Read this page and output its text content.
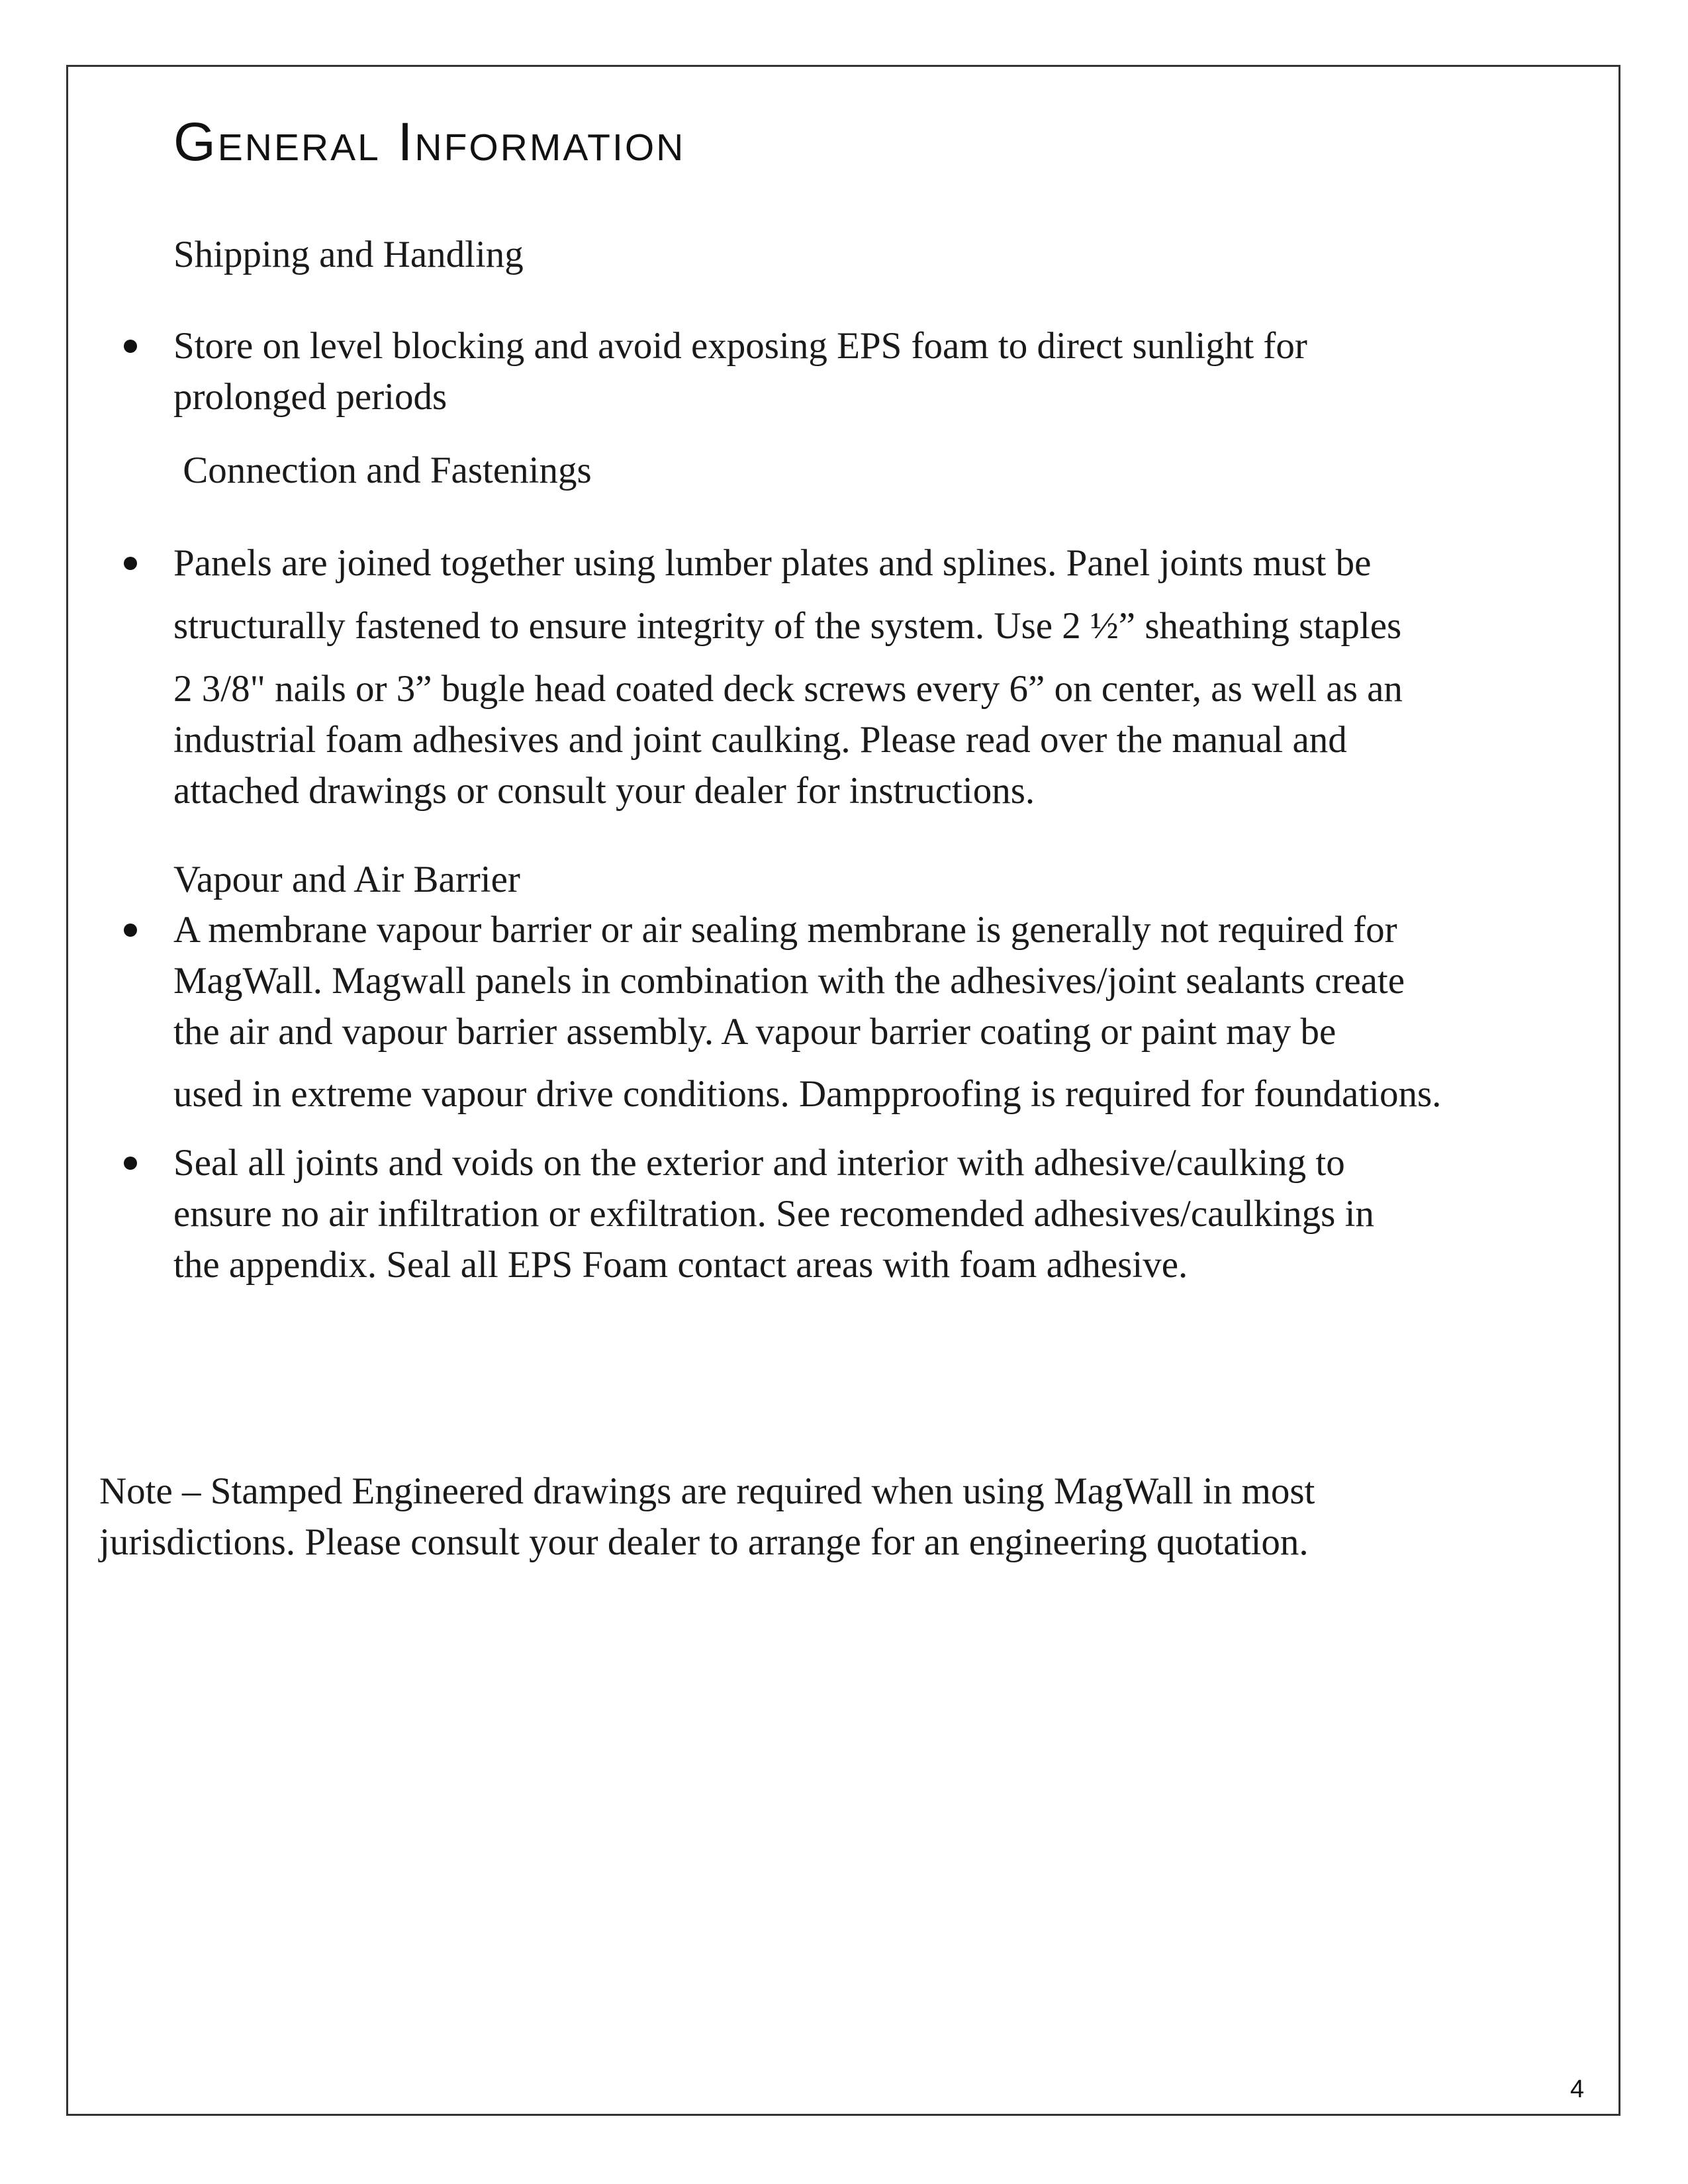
General Information
Shipping and Handling
Store on level blocking and avoid exposing EPS foam to direct sunlight for
prolonged periods
Connection and Fastenings
Panels are joined together using lumber plates and splines. Panel joints must be
structurally fastened to ensure integrity of the system. Use 2 ½” sheathing staples
2 3/8" nails or 3” bugle head coated deck screws every 6” on center, as well as an
industrial foam adhesives and joint caulking. Please read over the manual and
attached drawings or consult your dealer for instructions.
Vapour and Air Barrier
A membrane vapour barrier or air sealing membrane is generally not required for
MagWall. Magwall panels in combination with the adhesives/joint sealants create
the air and vapour barrier assembly. A vapour barrier coating or paint may be
used in extreme vapour drive conditions. Dampproofing is required for foundations.
Seal all joints and voids on the exterior and interior with adhesive/caulking to
ensure no air infiltration or exfiltration. See recomended adhesives/caulkings in
the appendix. Seal all EPS Foam contact areas with foam adhesive.
Note – Stamped Engineered drawings are required when using MagWall in most
jurisdictions. Please consult your dealer to arrange for an engineering quotation.
4
